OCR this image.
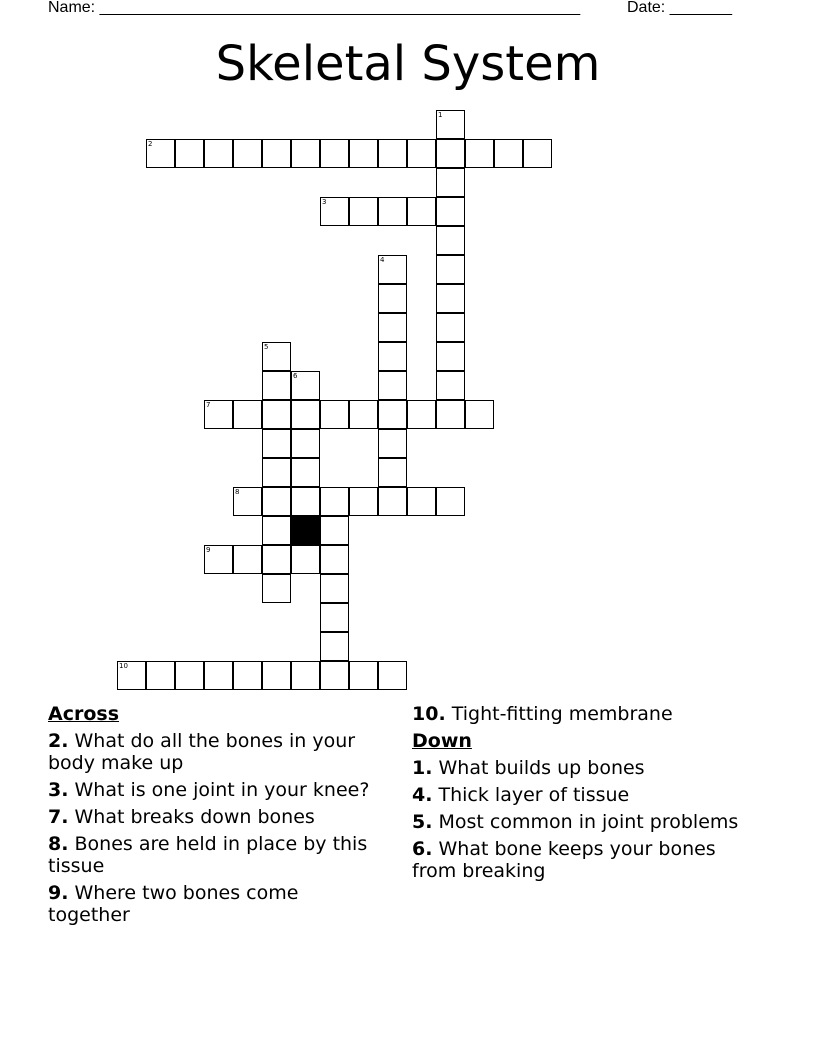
Name: ______________________________________________________	Date: _______
Skeletal System
1
2
3
4
5
6
7
8
9
10
Across
2. What do all the bones in your body make up
3. What is one joint in your knee?
7. What breaks down bones
8. Bones are held in place by this tissue
9. Where two bones come together
10. Tight-fitting membrane
Down
1. What builds up bones
4. Thick layer of tissue
5. Most common in joint problems
6. What bone keeps your bones from breaking
